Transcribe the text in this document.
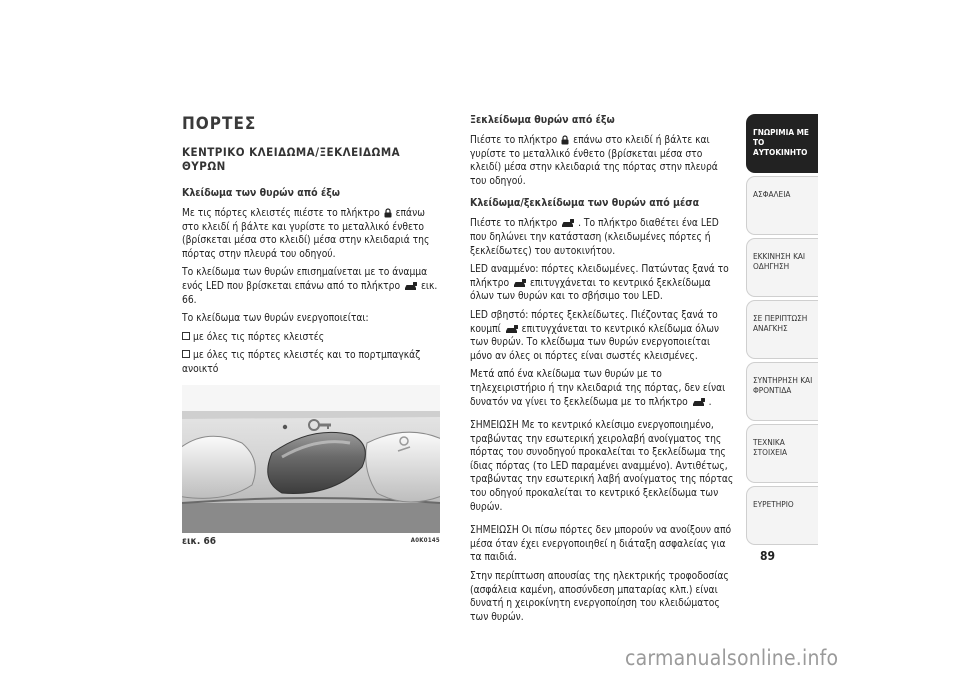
ΠΟΡΤΕΣ
ΚΕΝΤΡΙΚΟ ΚΛΕΙΔΩΜΑ/ΞΕΚΛΕΙΔΩΜΑ ΘΥΡΩΝ
Κλείδωμα των θυρών από έξω

Με τις πόρτες κλειστές πιέστε το πλήκτρο επάνω στο κλειδί ή βάλτε και γυρίστε το μεταλλικό ένθετο (βρίσκεται μέσα στο κλειδί) μέσα στην κλειδαριά της πόρτας στην πλευρά του οδηγού.

Το κλείδωμα των θυρών επισημαίνεται με το άναμμα ενός LED που βρίσκεται επάνω από το πλήκτρο εικ. 66.

Το κλείδωμα των θυρών ενεργοποιείται:

με όλες τις πόρτες κλειστές
με όλες τις πόρτες κλειστές και το πορτμπαγκάζ ανοικτό
εικ. 66	A0K0145
Ξεκλείδωμα θυρών από έξω

Πιέστε το πλήκτρο επάνω στο κλειδί ή βάλτε και γυρίστε το μεταλλικό ένθετο (βρίσκεται μέσα στο κλειδί) μέσα στην κλειδαριά της πόρτας στην πλευρά του οδηγού.

Κλείδωμα/ξεκλείδωμα των θυρών από μέσα

Πιέστε το πλήκτρο . Το πλήκτρο διαθέτει ένα LED που δηλώνει την κατάσταση (κλειδωμένες πόρτες ή ξεκλείδωτες) του αυτοκινήτου.

LED αναμμένο: πόρτες κλειδωμένες. Πατώντας ξανά το πλήκτρο επιτυγχάνεται το κεντρικό ξεκλείδωμα όλων των θυρών και το σβήσιμο του LED.

LED σβηστό: πόρτες ξεκλείδωτες. Πιέζοντας ξανά το κουμπί επιτυγχάνεται το κεντρικό κλείδωμα όλων των θυρών. Το κλείδωμα των θυρών ενεργοποιείται μόνο αν όλες οι πόρτες είναι σωστές κλεισμένες.

Μετά από ένα κλείδωμα των θυρών με το τηλεχειριστήριο ή την κλειδαριά της πόρτας, δεν είναι δυνατόν να γίνει το ξεκλείδωμα με το πλήκτρο .

ΣΗΜΕΙΩΣΗ Με το κεντρικό κλείσιμο ενεργοποιημένο, τραβώντας την εσωτερική χειρολαβή ανοίγματος της πόρτας του συνοδηγού προκαλείται το ξεκλείδωμα της ίδιας πόρτας (το LED παραμένει αναμμένο). Αντιθέτως, τραβώντας την εσωτερική λαβή ανοίγματος της πόρτας του οδηγού προκαλείται το κεντρικό ξεκλείδωμα των θυρών.

ΣΗΜΕΙΩΣΗ Οι πίσω πόρτες δεν μπορούν να ανοίξουν από μέσα όταν έχει ενεργοποιηθεί η διάταξη ασφαλείας για τα παιδιά.

Στην περίπτωση απουσίας της ηλεκτρικής τροφοδοσίας (ασφάλεια καμένη, αποσύνδεση μπαταρίας κλπ.) είναι δυνατή η χειροκίνητη ενεργοποίηση του κλειδώματος των θυρών.

ΓΝΩΡΙΜΙΑ ΜΕ ΤΟ ΑΥΤΟΚΙΝΗΤΟ
ΑΣΦΑΛΕΙΑ
ΕΚΚΙΝΗΣΗ ΚΑΙ ΟΔΗΓΗΣΗ
ΣΕ ΠΕΡΙΠΤΩΣΗ ΑΝΑΓΚΗΣ
ΣΥΝΤΗΡΗΣΗ ΚΑΙ ΦΡΟΝΤΙΔΑ
ΤΕΧΝΙΚΑ ΣΤΟΙΧΕΙΑ
ΕΥΡΕΤΗΡΙΟ
89
carmanualsonline.info
